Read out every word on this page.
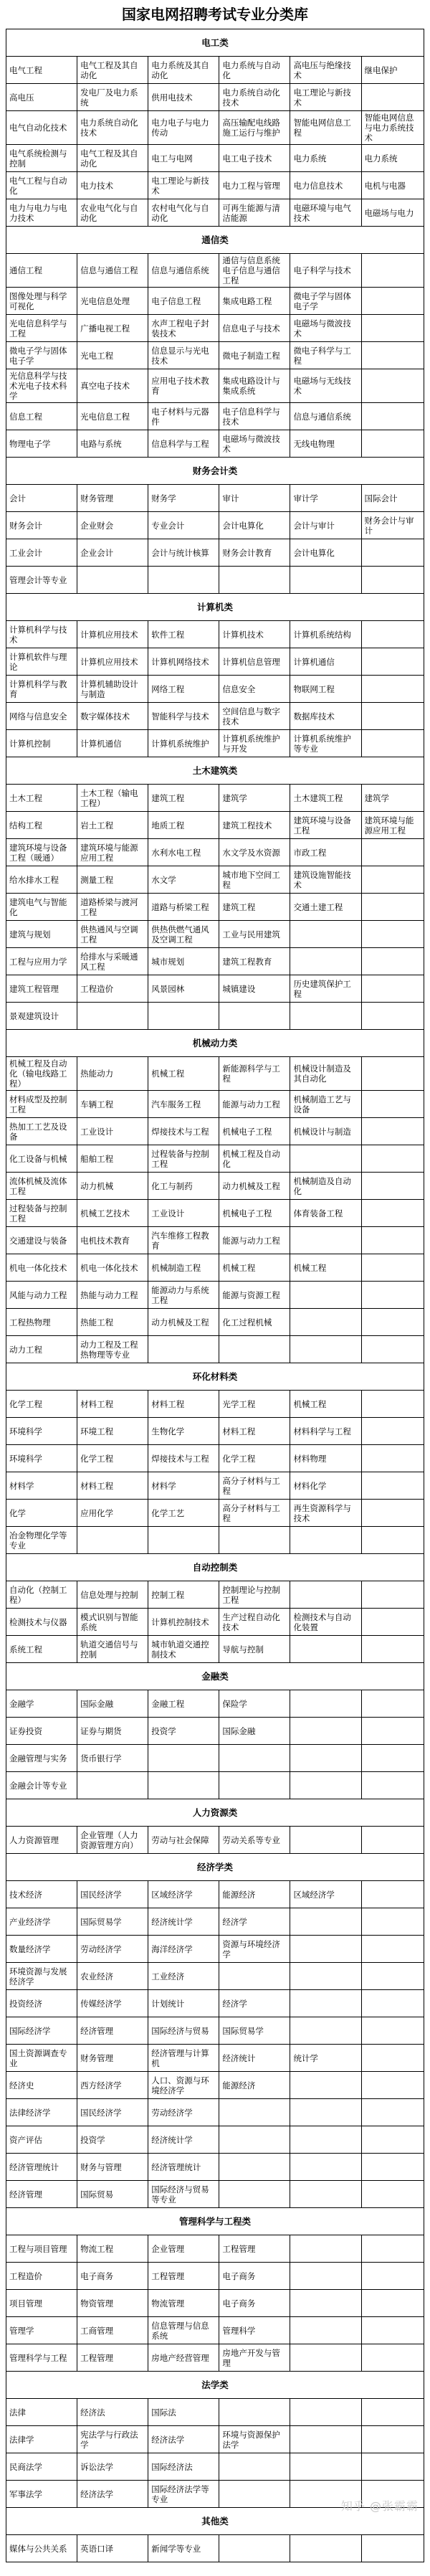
国家电网招聘考试专业分类库
电工类					
电气工程	电气工程及其自动化	电力系统及其自动化	电力系统与自动化	高电压与绝缘技术	继电保护
高电压	发电厂及电力系统	供用电技术	电力系统自动化技术	电工理论与新技术	
电气自动化技术	电力系统自动化技术	电力电子与电力传动	高压输配电线路施工运行与维护	智能电网信息工程	智能电网信息与电力系统技术
电气系统检测与控制	电气工程及其自动化	电工与电网	电工电子技术	电力系统	电力系统
电气工程与自动化	电力技术	电工理论与新技术	电力工程与管理	电力信息技术	电机与电器
电力与电力与电力技术	农业电气化与自动化	农村电气化与自动化	可再生能源与清洁能源	电磁环境与电气技术	电磁场与电力
通信类					
通信工程	信息与通信工程	信息与通信系统	通信与信息系统电子信息与通信工程	电子科学与技术	
图像处理与科学可视化	光电信息处理	电子信息工程	集成电路工程	微电子学与固体电子学	
光电信息科学与工程	广播电视工程	水声工程电子封装技术	信息电子与技术	电磁场与微波技术	
微电子学与固体电子学	光电工程	信息显示与光电技术	微电子制造工程	微电子科学与工程	
光信息科学与技术光电子技术科学	真空电子技术	应用电子技术教育	集成电路设计与集成系统	电磁场与无线技术	
信息工程	光电信息工程	电子材料与元器件	电子信息科学与技术	信息与通信系统	
物理电子学	电路与系统	信息科学与工程	电磁场与微波技术	无线电物理	
财务会计类					
会计	财务管理	财务学	审计	审计学	国际会计
财务会计	企业财会	专业会计	会计电算化	会计与审计	财务会计与审计
工业会计	企业会计	会计与统计核算	财务会计教育	会计电算化	
管理会计等专业					
计算机类					
计算机科学与技术	计算机应用技术	软件工程	计算机技术	计算机系统结构	
计算机软件与理论	计算机应用技术	计算机网络技术	计算机信息管理	计算机通信	
计算机科学与教育	计算机辅助设计与制造	网络工程	信息安全	物联网工程	
网络与信息安全	数字媒体技术	智能科学与技术	空间信息与数字技术	数据库技术	
计算机控制	计算机通信	计算机系统维护	计算机系统维护与开发	计算机系统维护等专业	
土木建筑类					
土木工程	土木工程（输电工程）	建筑工程	建筑学	土木建筑工程	建筑学
结构工程	岩土工程	地质工程	建筑工程技术	建筑环境与设备工程	建筑环境与能源应用工程
建筑环境与设备工程（暖通）	建筑环境与能源应用工程	水利水电工程	水文学及水资源	市政工程	
给水排水工程	测量工程	水文学	城市地下空间工程	建筑设施智能技术	
建筑电气与智能化	道路桥梁与渡河工程	道路与桥梁工程	建筑工程	交通土建工程	
建筑与规划	供热通风与空调工程	供热供燃气通风及空调工程	工业与民用建筑		
工程与应用力学	给排水与采暖通风工程	城市规划	建筑工程教育		
建筑工程管理	工程造价	风景园林	城镇建设	历史建筑保护工程	
景观建筑设计					
机械动力类					
机械工程及自动化（输电线路工程）	热能动力	机械工程	新能源科学与工程	机械设计制造及其自动化	
材料成型及控制工程	车辆工程	汽车服务工程	能源与动力工程	机械制造工艺与设备	
热加工工艺及设备	工业设计	焊接技术与工程	机械电子工程	机械设计与制造	
化工设备与机械	船舶工程	过程装备与控制工程	机械工程及自动化		
流体机械及流体工程	动力机械	化工与制药	动力机械及工程	机械制造及自动化	
过程装备与控制工程	机械工艺技术	工业设计	机械电子工程	体育装备工程	
交通建设与装备	电机技术教育	汽车维修工程教育	能源与动力工程		
机电一体化技术	机电一体化技术	机械制造工程	机械工程	机械工程	
风能与动力工程	热能与动力工程	能源动力与系统工程	能源与资源工程		
工程热物理	热能工程	动力机械及工程	化工过程机械		
动力工程	动力工程及工程热物理等专业				
环化材料类					
化学工程	材料工程	材料工程	光学工程	机械工程	
环境科学	环境工程	生物化学	材料工程	材料科学与工程	
环境科学	化学工程	焊接技术与工程	化学工程	材料物理	
材料学	材料工程	材料学	高分子材料与工程	材料化学	
化学	应用化学	化学工艺	高分子材料与工程	再生资源科学与技术	
冶金物理化学等专业					
自动控制类					
自动化（控制工程）	信息处理与控制	控制工程	控制理论与控制工程		
检测技术与仪器	模式识别与智能系统	计算机控制技术	生产过程自动化技术	检测技术与自动化装置	
系统工程	轨道交通信号与控制	城市轨道交通控制技术	导航与控制		
金融类					
金融学	国际金融	金融工程	保险学		
证券投资	证券与期货	投资学	国际金融		
金融管理与实务	货币银行学				
金融会计等专业					
人力资源类					
人力资源管理	企业管理（人力资源管理方向）	劳动与社会保障	劳动关系等专业		
经济学类					
技术经济	国民经济学	区域经济学	能源经济	区域经济学	
产业经济学	国际贸易学	经济统计学	经济学		
数量经济学	劳动经济学	海洋经济学	资源与环境经济学		
环境资源与发展经济学	农业经济	工业经济			
投资经济	传媒经济学	计划统计	经济学		
国际经济学	经济管理	国际经济与贸易	国际贸易学		
国土资源调查专业	财务管理	经济管理与计算机	经济统计	统计学	
经济史	西方经济学	人口、资源与环境经济学	能源经济		
法律经济学	国民经济学	劳动经济学			
资产评估	投资学	经济统计学			
经济管理统计	财务与管理	经济管理统计			
经济管理	国际贸易	国际经济与贸易等专业			
管理科学与工程类					
工程与项目管理	物流工程	企业管理	工程管理		
工程造价	电子商务	工程管理	电子商务		
项目管理	物资管理	物流管理	电子商务		
管理学	工商管理	信息管理与信息系统	管理科学		
管理科学与工程	工程管理	房地产经营管理	房地产开发与管理		
法学类					
法律	经济法	国际法			
法律学	宪法学与行政法学	经济法学	环境与资源保护法学		
民商法学	诉讼法学	国际经济法			
军事法学	经济法学	国际经济法学等专业			
其他类					
媒体与公共关系	英语口译	新闻学等专业			
知乎 @张霸霸
